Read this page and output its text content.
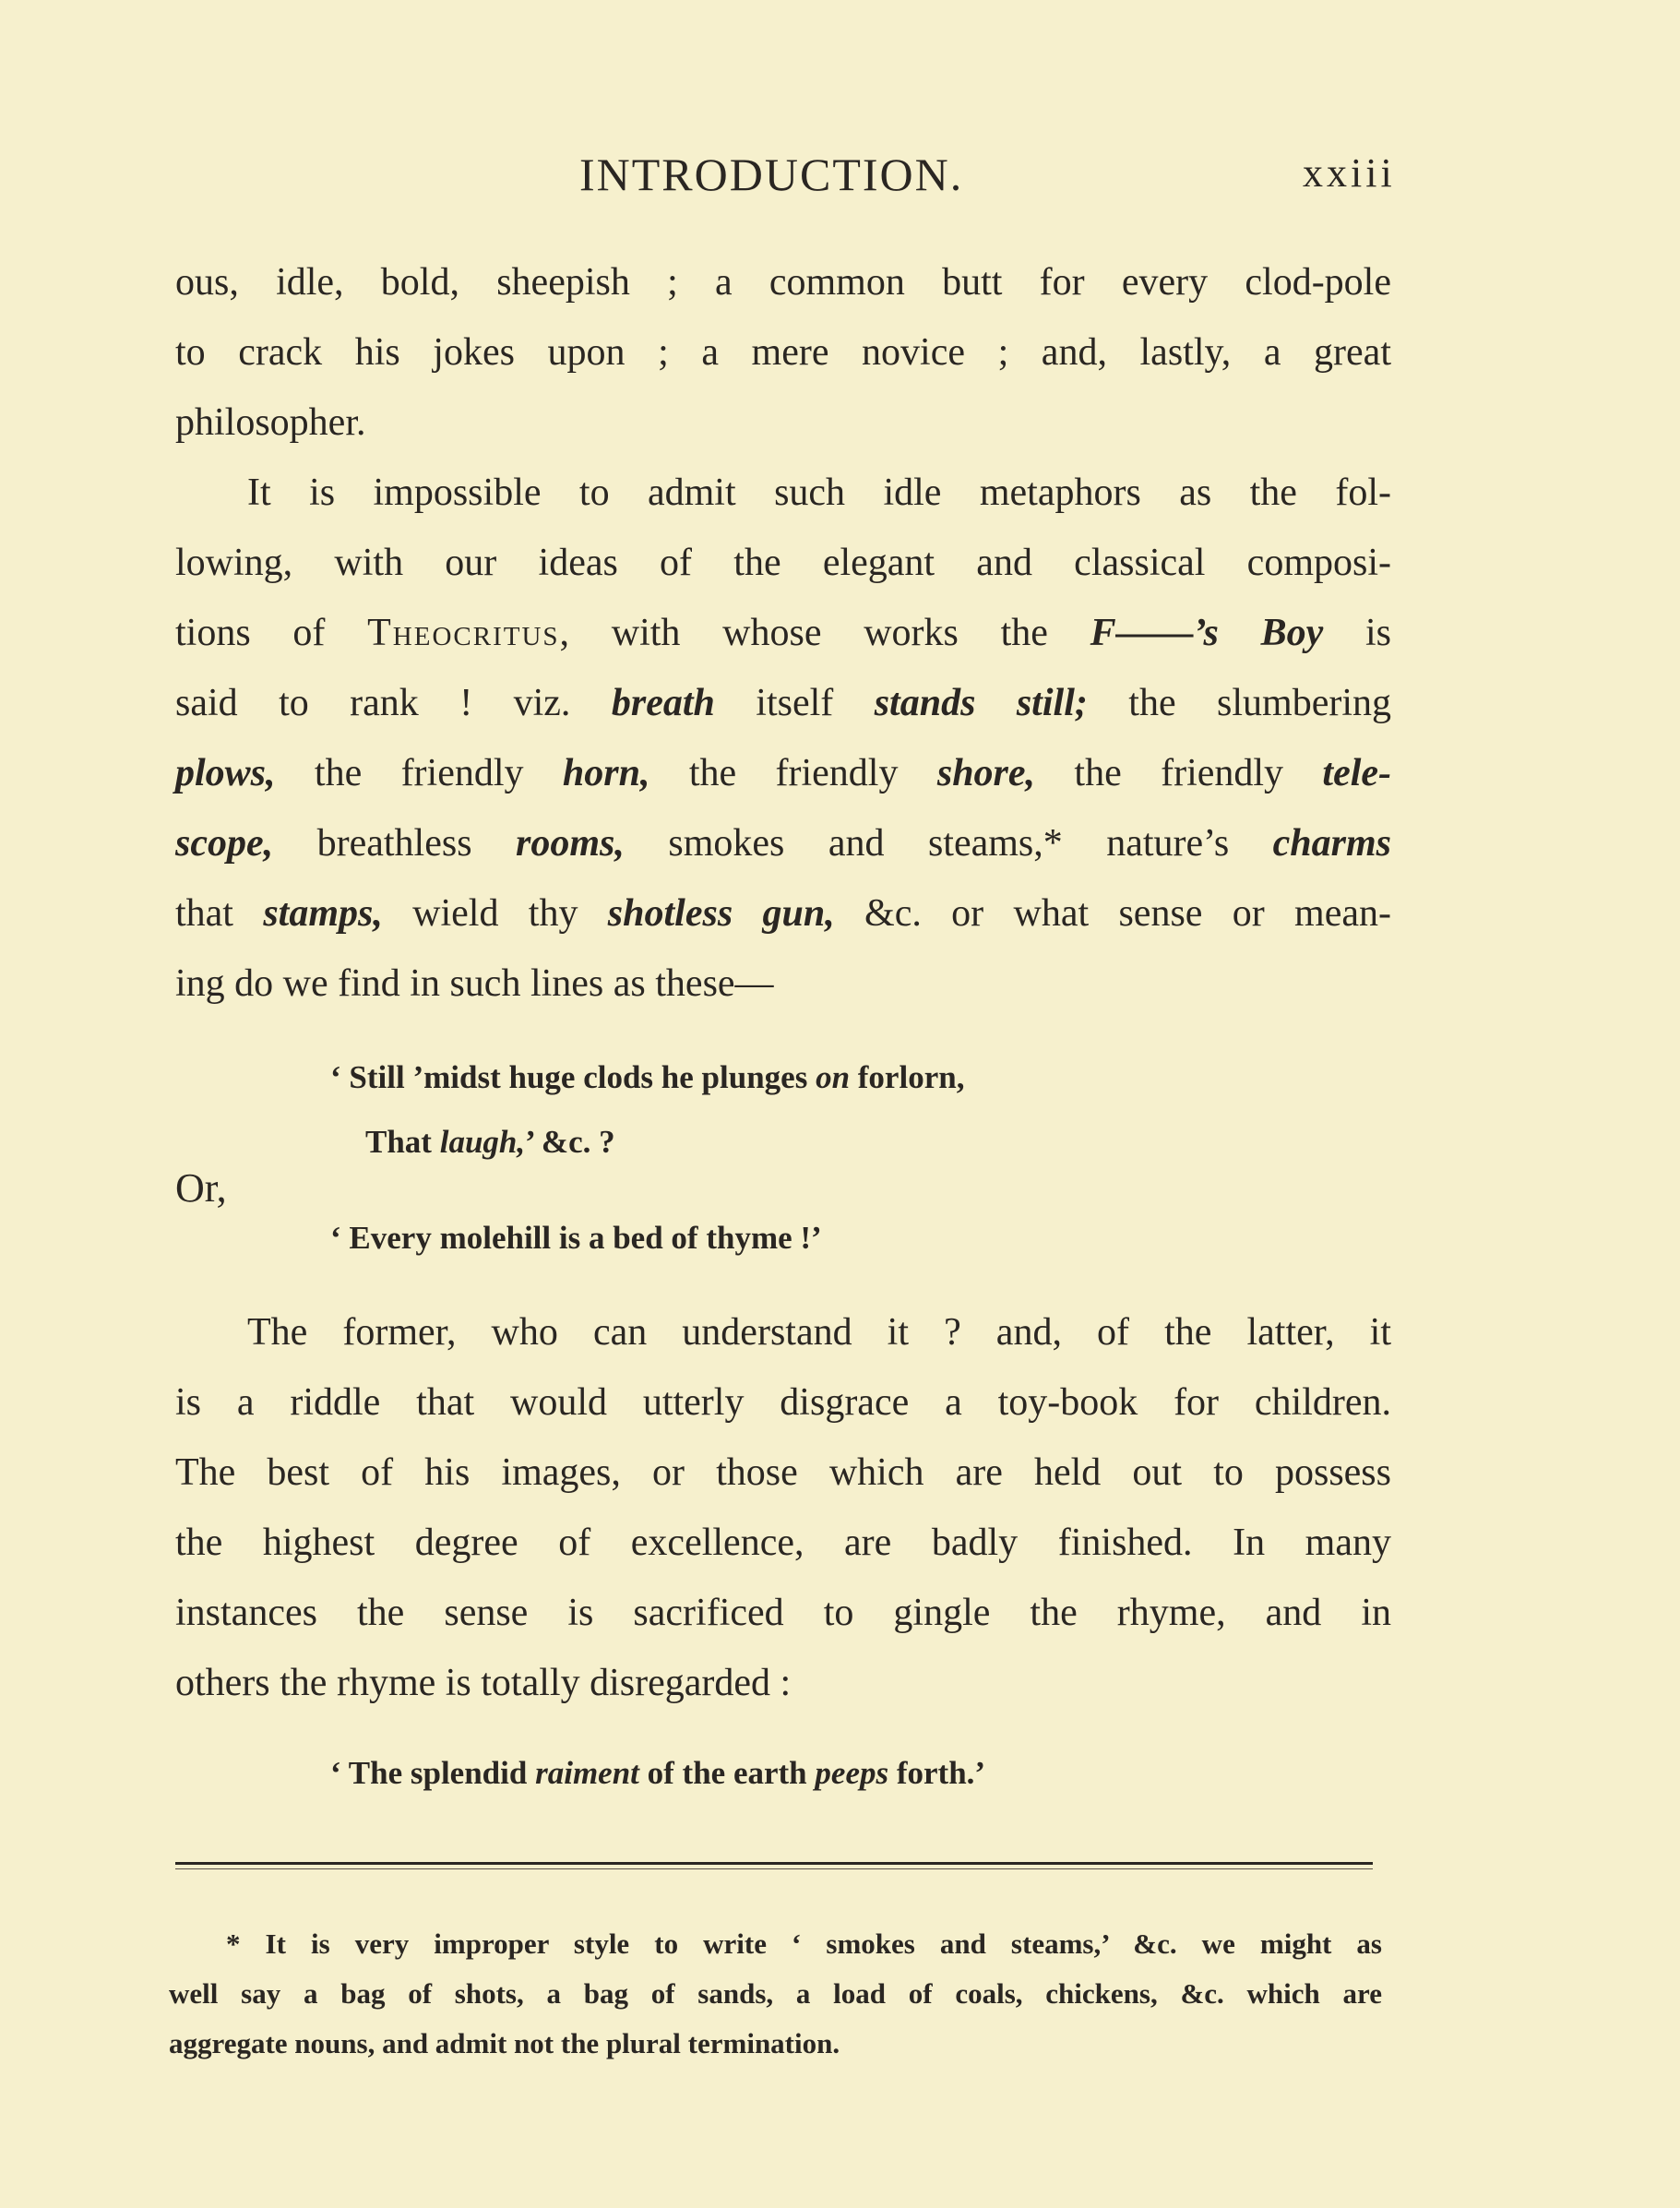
INTRODUCTION.	xxiii
ous, idle, bold, sheepish ; a common butt for every clod-pole
to crack his jokes upon ; a mere novice ; and, lastly, a great
philosopher.
It is impossible to admit such idle metaphors as the fol-
lowing, with our ideas of the elegant and classical composi-
tions of Theocritus, with whose works the F——’s Boy is
said to rank ! viz. breath itself stands still; the slumbering
plows, the friendly horn, the friendly shore, the friendly tele-
scope, breathless rooms, smokes and steams,* nature’s charms
that stamps, wield thy shotless gun, &c. or what sense or mean-
ing do we find in such lines as these—
‘ Still ’midst huge clods he plunges on forlorn,
That laugh,’ &c. ?
Or,
‘ Every molehill is a bed of thyme !’
The former, who can understand it ? and, of the latter, it
is a riddle that would utterly disgrace a toy-book for children.
The best of his images, or those which are held out to possess
the highest degree of excellence, are badly finished. In many
instances the sense is sacrificed to gingle the rhyme, and in
others the rhyme is totally disregarded :
‘ The splendid raiment of the earth peeps forth.’
* It is very improper style to write ‘ smokes and steams,’ &c. we might as
well say a bag of shots, a bag of sands, a load of coals, chickens, &c. which are
aggregate nouns, and admit not the plural termination.
